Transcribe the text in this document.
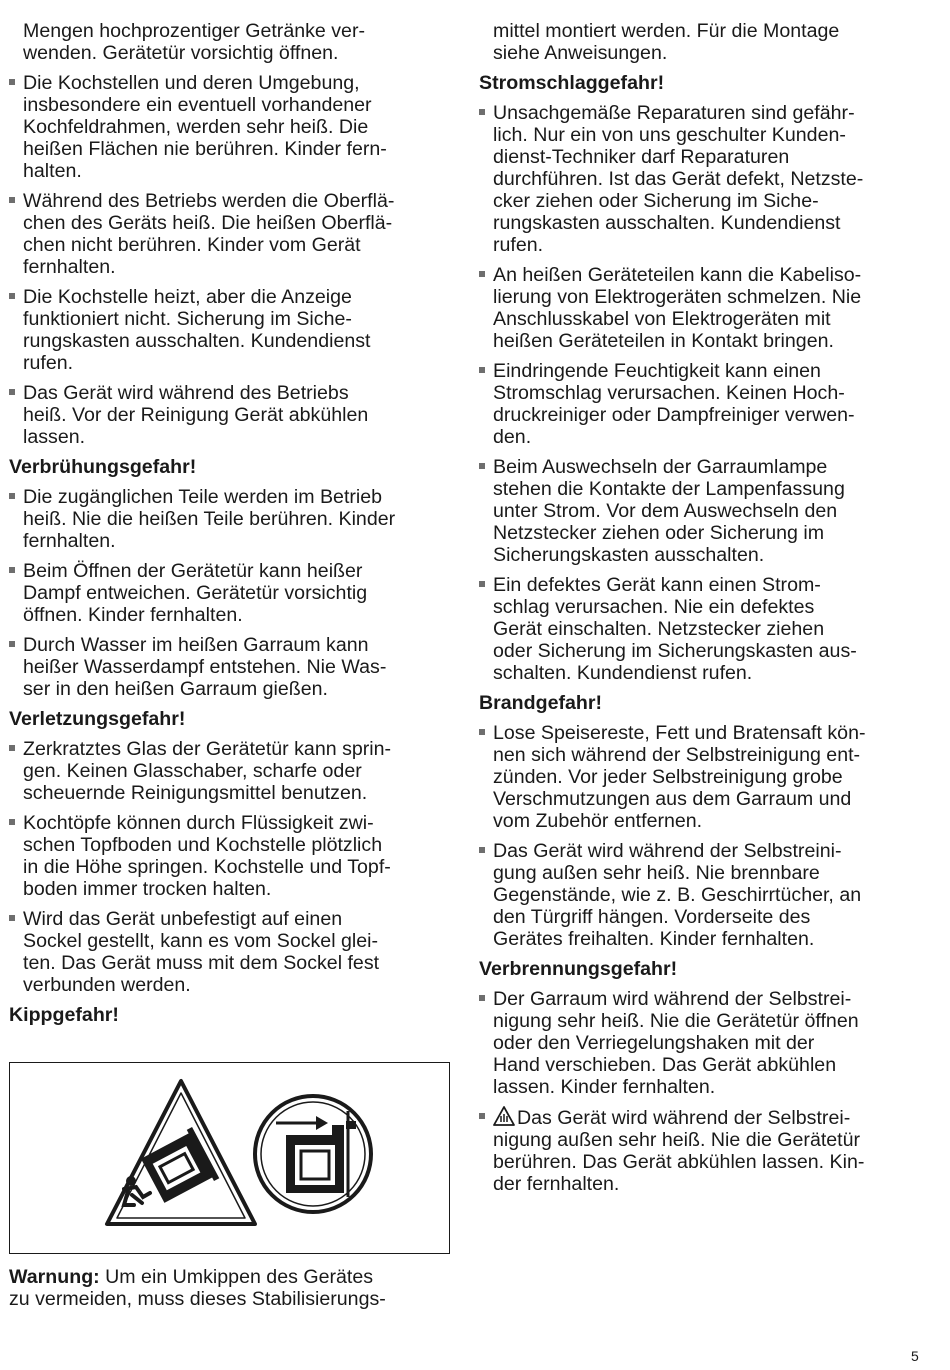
Mengen hochprozentiger Getränke ver-
wenden. Gerätetür vorsichtig öffnen.
Die Kochstellen und deren Umgebung,
insbesondere ein eventuell vorhandener
Kochfeldrahmen, werden sehr heiß. Die
heißen Flächen nie berühren. Kinder fern-
halten.
Während des Betriebs werden die Oberflä-
chen des Geräts heiß. Die heißen Oberflä-
chen nicht berühren. Kinder vom Gerät
fernhalten.
Die Kochstelle heizt, aber die Anzeige
funktioniert nicht. Sicherung im Siche-
rungskasten ausschalten. Kundendienst
rufen.
Das Gerät wird während des Betriebs
heiß. Vor der Reinigung Gerät abkühlen
lassen.
Verbrühungsgefahr!
Die zugänglichen Teile werden im Betrieb
heiß. Nie die heißen Teile berühren. Kinder
fernhalten.
Beim Öffnen der Gerätetür kann heißer
Dampf entweichen. Gerätetür vorsichtig
öffnen. Kinder fernhalten.
Durch Wasser im heißen Garraum kann
heißer Wasserdampf entstehen. Nie Was-
ser in den heißen Garraum gießen.
Verletzungsgefahr!
Zerkratztes Glas der Gerätetür kann sprin-
gen. Keinen Glasschaber, scharfe oder
scheuernde Reinigungsmittel benutzen.
Kochtöpfe können durch Flüssigkeit zwi-
schen Topfboden und Kochstelle plötzlich
in die Höhe springen. Kochstelle und Topf-
boden immer trocken halten.
Wird das Gerät unbefestigt auf einen
Sockel gestellt, kann es vom Sockel glei-
ten. Das Gerät muss mit dem Sockel fest
verbunden werden.
Kippgefahr!
Warnung: Um ein Umkippen des Gerätes
zu vermeiden, muss dieses Stabilisierungs-
mittel montiert werden. Für die Montage
siehe Anweisungen.
Stromschlaggefahr!
Unsachgemäße Reparaturen sind gefähr-
lich. Nur ein von uns geschulter Kunden-
dienst-Techniker darf Reparaturen
durchführen. Ist das Gerät defekt, Netzste-
cker ziehen oder Sicherung im Siche-
rungskasten ausschalten. Kundendienst
rufen.
An heißen Geräteteilen kann die Kabeliso-
lierung von Elektrogeräten schmelzen. Nie
Anschlusskabel von Elektrogeräten mit
heißen Geräteteilen in Kontakt bringen.
Eindringende Feuchtigkeit kann einen
Stromschlag verursachen. Keinen Hoch-
druckreiniger oder Dampfreiniger verwen-
den.
Beim Auswechseln der Garraumlampe
stehen die Kontakte der Lampenfassung
unter Strom. Vor dem Auswechseln den
Netzstecker ziehen oder Sicherung im
Sicherungskasten ausschalten.
Ein defektes Gerät kann einen Strom-
schlag verursachen. Nie ein defektes
Gerät einschalten. Netzstecker ziehen
oder Sicherung im Sicherungskasten aus-
schalten. Kundendienst rufen.
Brandgefahr!
Lose Speisereste, Fett und Bratensaft kön-
nen sich während der Selbstreinigung ent-
zünden. Vor jeder Selbstreinigung grobe
Verschmutzungen aus dem Garraum und
vom Zubehör entfernen.
Das Gerät wird während der Selbstreini-
gung außen sehr heiß. Nie brennbare
Gegenstände, wie z. B. Geschirrtücher, an
den Türgriff hängen. Vorderseite des
Gerätes freihalten. Kinder fernhalten.
Verbrennungsgefahr!
Der Garraum wird während der Selbstrei-
nigung sehr heiß. Nie die Gerätetür öffnen
oder den Verriegelungshaken mit der
Hand verschieben. Das Gerät abkühlen
lassen. Kinder fernhalten.
Das Gerät wird während der Selbstrei-
nigung außen sehr heiß. Nie die Gerätetür
berühren. Das Gerät abkühlen lassen. Kin-
der fernhalten.
5
